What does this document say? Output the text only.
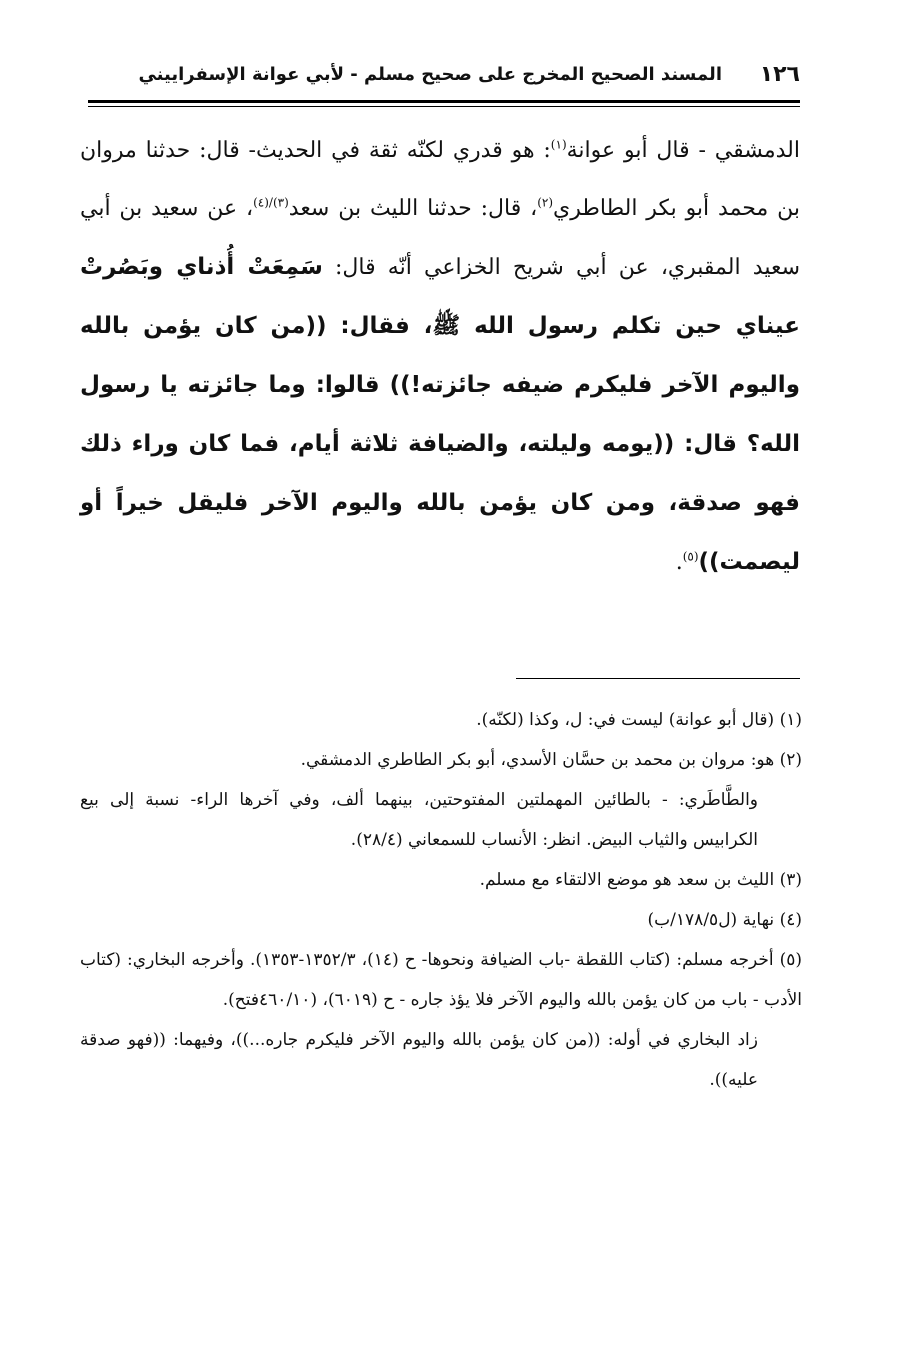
١٢٦
المسند الصحيح المخرج على صحيح مسلم - لأبي عوانة الإسفراييني

الدمشقي - قال أبو عوانة$^{(١)}$: هو قدري لكنّه ثقة في الحديث- قال: حدثنا مروان بن محمد أبو بكر الطاطري$^{(٢)}$، قال: حدثنا الليث بن سعد$^{(٣)/(٤)}$، عن سعيد بن أبي سعيد المقبري، عن أبي شريح الخزاعي أنّه قال: سَمِعَتْ أُذناي وبَصُرتْ عيناي حين تكلم رسول الله ﷺ، فقال: ((من كان يؤمن بالله واليوم الآخر فليكرم ضيفه جائزته!)) قالوا: وما جائزته يا رسول الله؟ قال: ((يومه وليلته، والضيافة ثلاثة أيام، فما كان وراء ذلك فهو صدقة، ومن كان يؤمن بالله واليوم الآخر فليقل خيراً أو ليصمت))$^{(٥)}$.

(١) (قال أبو عوانة) ليست في: ل، وكذا (لكنّه).

(٢) هو: مروان بن محمد بن حسَّان الأسدي، أبو بكر الطاطري الدمشقي.

والطَّاطَري: - بالطائين المهملتين المفتوحتين، بينهما ألف، وفي آخرها الراء- نسبة إلى بيع الكرابيس والثياب البيض. انظر: الأنساب للسمعاني (٢٨/٤).

(٣) الليث بن سعد هو موضع الالتقاء مع مسلم.

(٤) نهاية (ل١٧٨/٥/ب)

(٥) أخرجه مسلم: (كتاب اللقطة -باب الضيافة ونحوها- ح (١٤)، ١٣٥٢/٣-١٣٥٣). وأخرجه البخاري: (كتاب الأدب - باب من كان يؤمن بالله واليوم الآخر فلا يؤذ جاره - ح (٦٠١٩)، (٤٦٠/١٠فتح).

زاد البخاري في أوله: ((من كان يؤمن بالله واليوم الآخر فليكرم جاره...))، وفيهما: ((فهو صدقة عليه)).
